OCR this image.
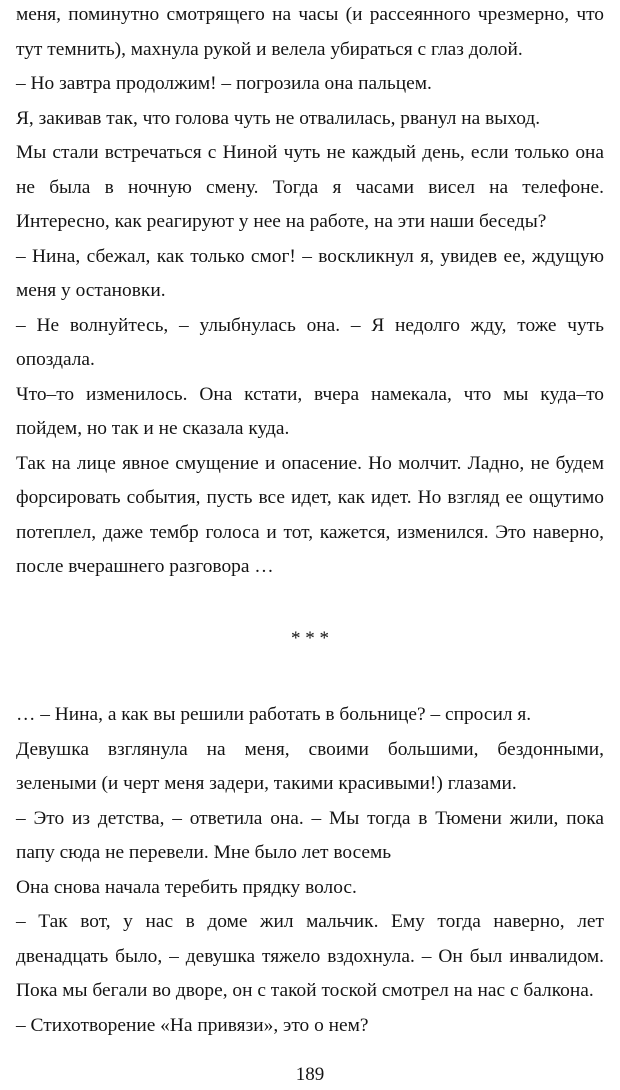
меня, поминутно смотрящего на часы (и рассеянного чрезмерно, что тут темнить), махнула рукой и велела убираться с глаз долой.

– Но завтра продолжим! – погрозила она пальцем.

Я, закивав так, что голова чуть не отвалилась, рванул на выход.

Мы стали встречаться с Ниной чуть не каждый день, если только она не была в ночную смену. Тогда я часами висел на телефоне. Интересно, как реагируют у нее на работе, на эти наши беседы?

– Нина, сбежал, как только смог! – воскликнул я, увидев ее, ждущую меня у остановки.

– Не волнуйтесь, – улыбнулась она. – Я недолго жду, тоже чуть опоздала.

Что–то изменилось. Она кстати, вчера намекала, что мы куда–то пойдем, но так и не сказала куда.

Так на лице явное смущение и опасение. Но молчит. Ладно, не будем форсировать события, пусть все идет, как идет. Но взгляд ее ощутимо потеплел, даже тембр голоса и тот, кажется, изменился. Это наверно, после вчерашнего разговора …

* * *

… – Нина, а как вы решили работать в больнице? – спросил я.

Девушка взглянула на меня, своими большими, бездонными, зелеными (и черт меня задери, такими красивыми!) глазами.

– Это из детства, – ответила она. – Мы тогда в Тюмени жили, пока папу сюда не перевели. Мне было лет восемь

Она снова начала теребить прядку волос.

– Так вот, у нас в доме жил мальчик. Ему тогда наверно, лет двенадцать было, – девушка тяжело вздохнула. – Он был инвалидом. Пока мы бегали во дворе, он с такой тоской смотрел на нас с балкона.

– Стихотворение «На привязи», это о нем?

189
